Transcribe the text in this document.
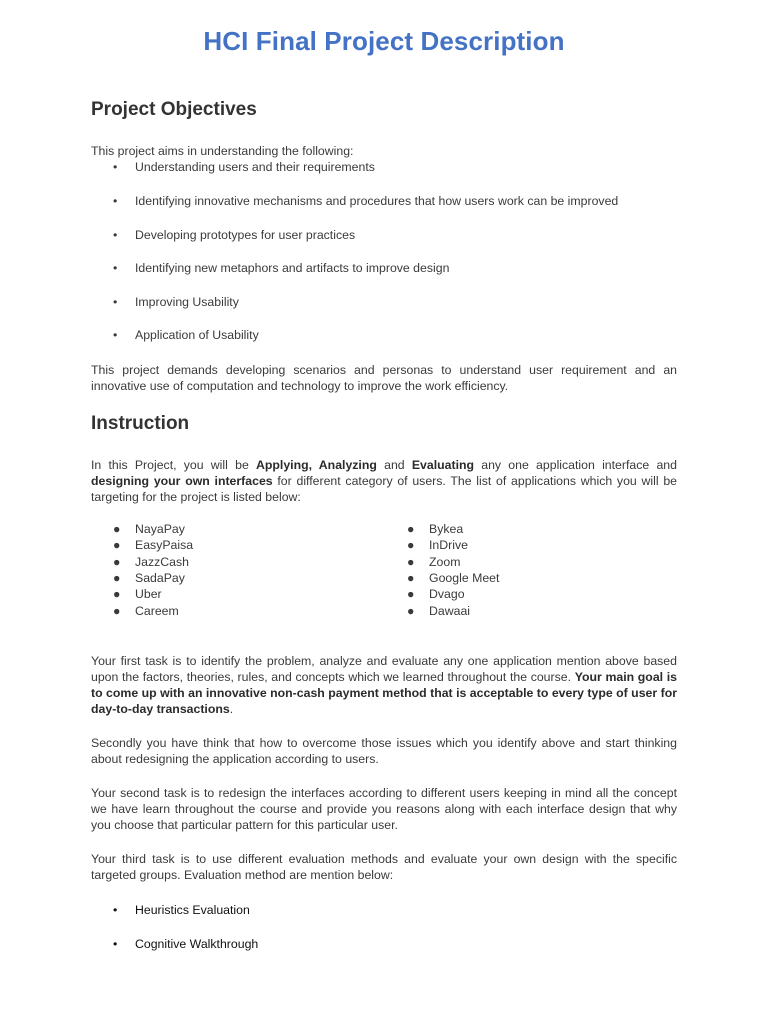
HCI Final Project Description
Project Objectives
This project aims in understanding the following:
• Understanding users and their requirements
• Identifying innovative mechanisms and procedures that how users work can be improved
• Developing prototypes for user practices
• Identifying new metaphors and artifacts to improve design
• Improving Usability
• Application of Usability
This project demands developing scenarios and personas to understand user requirement and an innovative use of computation and technology to improve the work efficiency.
Instruction
In this Project, you will be Applying, Analyzing and Evaluating any one application interface and designing your own interfaces for different category of users. The list of applications which you will be targeting for the project is listed below:
● NayaPay
● EasyPaisa
● JazzCash
● SadaPay
● Uber
● Careem
● Bykea
● InDrive
● Zoom
● Google Meet
● Dvago
● Dawaai
Your first task is to identify the problem, analyze and evaluate any one application mention above based upon the factors, theories, rules, and concepts which we learned throughout the course. Your main goal is to come up with an innovative non-cash payment method that is acceptable to every type of user for day-to-day transactions.
Secondly you have think that how to overcome those issues which you identify above and start thinking about redesigning the application according to users.
Your second task is to redesign the interfaces according to different users keeping in mind all the concept we have learn throughout the course and provide you reasons along with each interface design that why you choose that particular pattern for this particular user.
Your third task is to use different evaluation methods and evaluate your own design with the specific targeted groups. Evaluation method are mention below:
• Heuristics Evaluation
• Cognitive Walkthrough
